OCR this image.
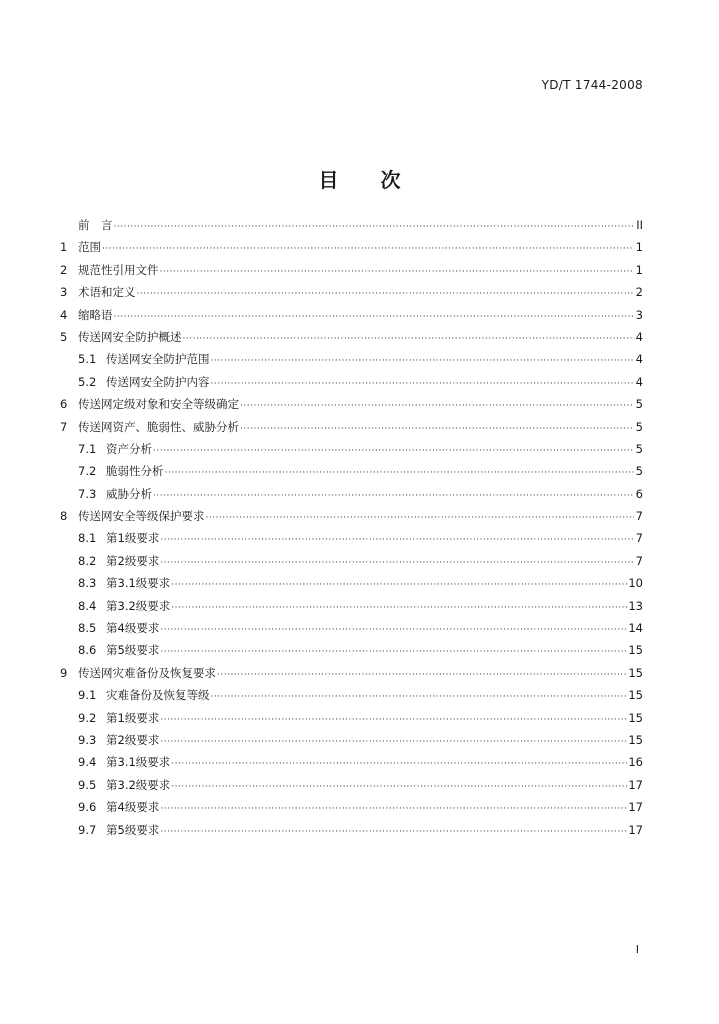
YD/T 1744-2008
目次
前　言 ·····	II
1 范围 ·····	1
2 规范性引用文件 ·····	1
3 术语和定义 ·····	2
4 缩略语 ·····	3
5 传送网安全防护概述 ·····	4
5.1 传送网安全防护范围 ·····	4
5.2 传送网安全防护内容 ·····	4
6 传送网定级对象和安全等级确定 ·····	5
7 传送网资产、脆弱性、威胁分析 ·····	5
7.1 资产分析 ·····	5
7.2 脆弱性分析 ·····	5
7.3 威胁分析 ·····	6
8 传送网安全等级保护要求 ·····	7
8.1 第1级要求 ·····	7
8.2 第2级要求 ·····	7
8.3 第3.1级要求 ·····	10
8.4 第3.2级要求 ·····	13
8.5 第4级要求 ·····	14
8.6 第5级要求 ·····	15
9 传送网灾难备份及恢复要求 ·····	15
9.1 灾难备份及恢复等级 ·····	15
9.2 第1级要求 ·····	15
9.3 第2级要求 ·····	15
9.4 第3.1级要求 ·····	16
9.5 第3.2级要求 ·····	17
9.6 第4级要求 ·····	17
9.7 第5级要求 ·····	17
I
